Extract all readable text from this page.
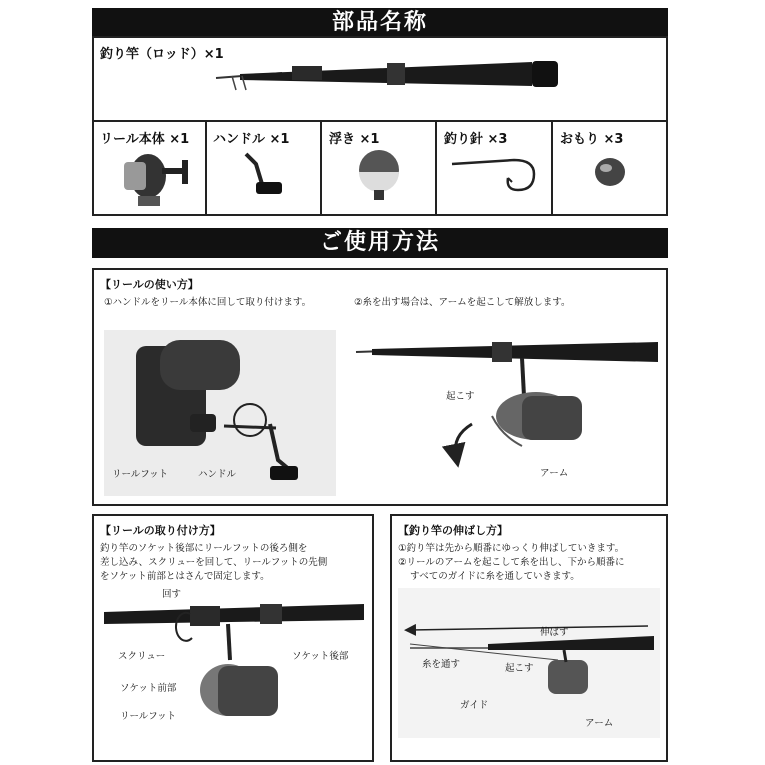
部品名称
釣り竿（ロッド）×1
リール本体 ×1 ハンドル ×1	浮き ×1	釣り針 ×3	おもり ×3
ご使用方法
【リールの使い方】
①ハンドルをリール本体に回して取り付けます。	②糸を出す場合は、アームを起こして解放します。
リールフット	ハンドル
起こす
アーム
【リールの取り付け方】
釣り竿のソケット後部にリールフットの後ろ側を
差し込み、スクリューを回して、リールフットの先側
をソケット前部とはさんで固定します。
回す
スクリュー	ソケット後部
ソケット前部
リールフット
【釣り竿の伸ばし方】
①釣り竿は先から順番にゆっくり伸ばしていきます。
②リールのアームを起こして糸を出し、下から順番に
すべてのガイドに糸を通していきます。
伸ばす
糸を通す	起こす
ガイド
アーム
